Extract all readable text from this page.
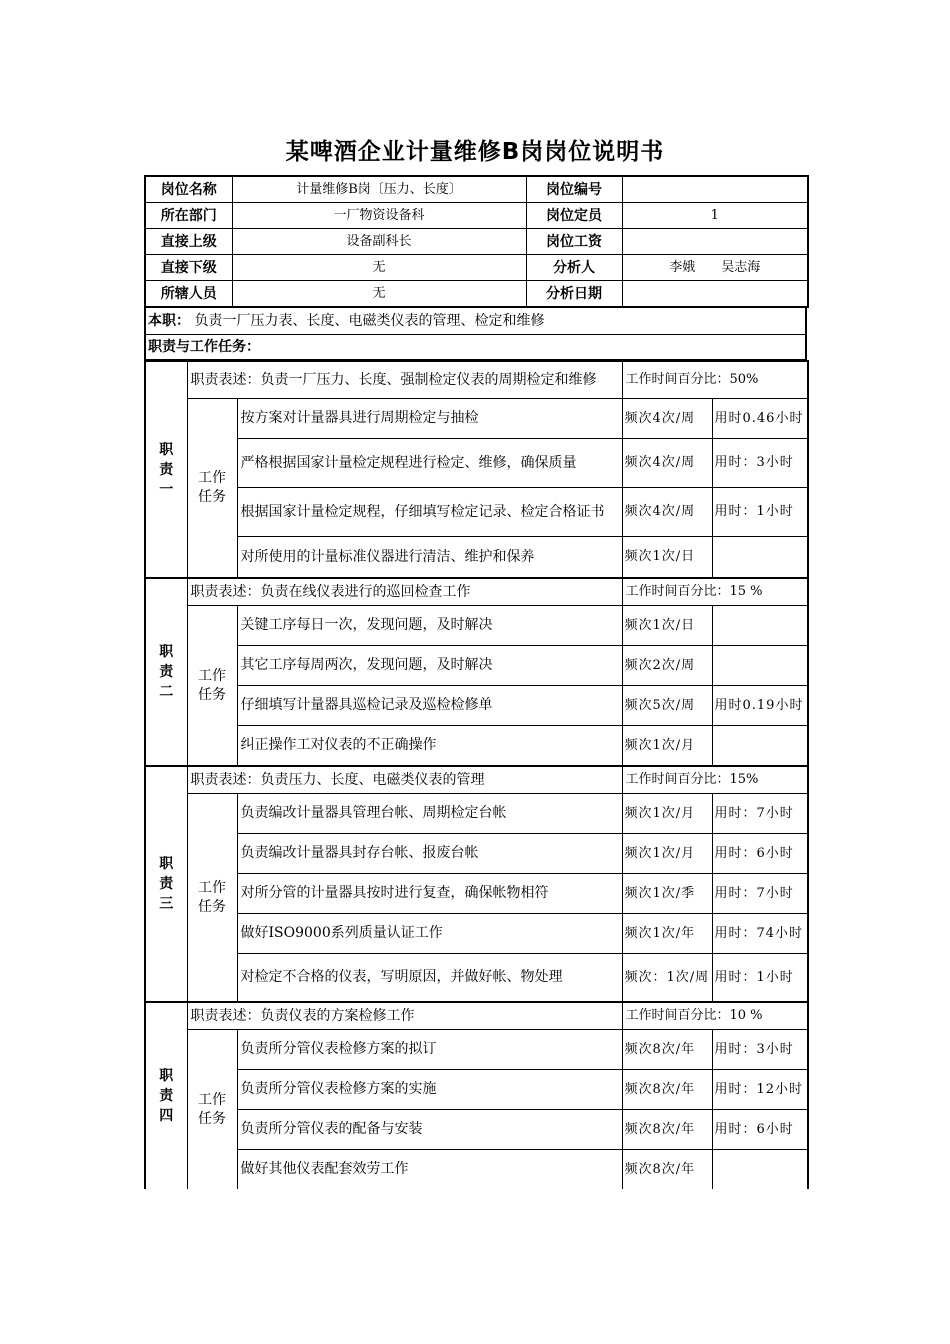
某啤酒企业计量维修B岗岗位说明书
岗位名称	计量维修B岗〔压力、长度〕	岗位编号	
所在部门	一厂物资设备科	岗位定员	1
直接上级	设备副科长	岗位工资	
直接下级	无	分析人	李娥　　吴志海
所辖人员	无	分析日期	
本职： 负责一厂压力表、长度、电磁类仪表的管理、检定和维修
职责与工作任务：
职责一	职责表述：负责一厂压力、长度、强制检定仪表的周期检定和维修		工作时间百分比：50%	

	工作任务	按方案对计量器具进行周期检定与抽检	频次4次/周	用时0.46小时
		严格根据国家计量检定规程进行检定、维修，确保质量	频次4次/周	用时：3小时
		根据国家计量检定规程，仔细填写检定记录、检定合格证书	频次4次/周	用时：1小时
		对所使用的计量标准仪器进行清洁、维护和保养	频次1次/日	

职责二	职责表述：负责在线仪表进行的巡回检查工作		工作时间百分比：15 %	

	工作任务	关键工序每日一次，发现问题，及时解决	频次1次/日	
		其它工序每周两次，发现问题，及时解决	频次2次/周	
		仔细填写计量器具巡检记录及巡检检修单	频次5次/周	用时0.19小时
		纠正操作工对仪表的不正确操作	频次1次/月	

职责三	职责表述：负责压力、长度、电磁类仪表的管理		工作时间百分比：15%	

	工作任务	负责编改计量器具管理台帐、周期检定台帐	频次1次/月	用时：7小时
		负责编改计量器具封存台帐、报废台帐	频次1次/月	用时：6小时
		对所分管的计量器具按时进行复查，确保帐物相符	频次1次/季	用时：7小时
		做好ISO9000系列质量认证工作	频次1次/年	用时：74小时
		对检定不合格的仪表，写明原因，并做好帐、物处理	频次：1次/周	用时：1小时

职责四	职责表述：负责仪表的方案检修工作		工作时间百分比：10 %	

	工作任务	负责所分管仪表检修方案的拟订	频次8次/年	用时：3小时
		负责所分管仪表检修方案的实施	频次8次/年	用时：12小时
		负责所分管仪表的配备与安装	频次8次/年	用时：6小时
		做好其他仪表配套效劳工作	频次8次/年	
